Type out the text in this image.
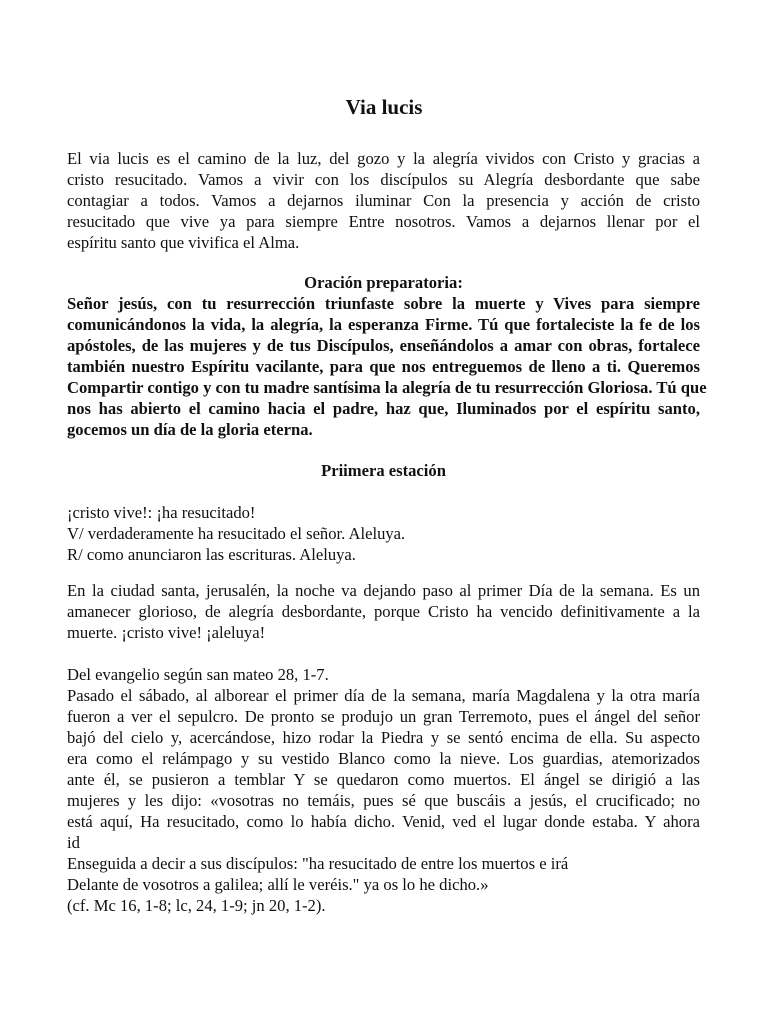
Via lucis
El via lucis es el camino de la luz, del gozo y la alegría vividos con Cristo y gracias a
cristo resucitado. Vamos a vivir con los discípulos su Alegría desbordante que sabe
contagiar a todos. Vamos a dejarnos iluminar Con la presencia y acción de cristo
resucitado que vive ya para siempre Entre nosotros. Vamos a dejarnos llenar por el
espíritu santo que vivifica el Alma.
Oración preparatoria:
Señor jesús, con tu resurrección triunfaste sobre la muerte y Vives para siempre
comunicándonos la vida, la alegría, la esperanza Firme. Tú que fortaleciste la fe de los
apóstoles, de las mujeres y de tus Discípulos, enseñándolos a amar con obras, fortalece
también nuestro Espíritu vacilante, para que nos entreguemos de lleno a ti. Queremos
Compartir contigo y con tu madre santísima la alegría de tu resurrección Gloriosa. Tú que
nos has abierto el camino hacia el padre, haz que, Iluminados por el espíritu santo,
gocemos un día de la gloria eterna.
Priimera estación
¡cristo vive!: ¡ha resucitado!
V/ verdaderamente ha resucitado el señor. Aleluya.
R/ como anunciaron las escrituras. Aleluya.
En la ciudad santa, jerusalén, la noche va dejando paso al primer Día de la semana. Es un
amanecer glorioso, de alegría desbordante, porque Cristo ha vencido definitivamente a la
muerte. ¡cristo vive! ¡aleluya!
Del evangelio según san mateo 28, 1-7.
Pasado el sábado, al alborear el primer día de la semana, maría Magdalena y la otra maría
fueron a ver el sepulcro. De pronto se produjo un gran Terremoto, pues el ángel del señor
bajó del cielo y, acercándose, hizo rodar la Piedra y se sentó encima de ella. Su aspecto
era como el relámpago y su vestido Blanco como la nieve. Los guardias, atemorizados
ante él, se pusieron a temblar Y se quedaron como muertos. El ángel se dirigió a las
mujeres y les dijo: «vosotras no temáis, pues sé que buscáis a jesús, el crucificado; no
está aquí, Ha resucitado, como lo había dicho. Venid, ved el lugar donde estaba. Y ahora
id
Enseguida a decir a sus discípulos: "ha resucitado de entre los muertos e irá
Delante de vosotros a galilea; allí le veréis." ya os lo he dicho.»
(cf. Mc 16, 1-8; lc, 24, 1-9; jn 20, 1-2).
